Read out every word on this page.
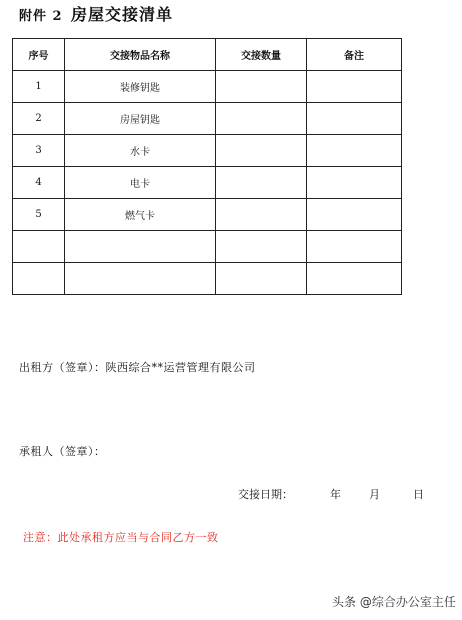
附件 2 房屋交接清单
序号	交接物品名称	交接数量	备注
1	装修钥匙		
2	房屋钥匙		
3	水卡		
4	电卡		
5	燃气卡		

出租方（签章）：陕西综合**运营管理有限公司
承租人（签章）：
交接日期：	年	月	日
注意：此处承租方应当与合同乙方一致
头条 @综合办公室主任
